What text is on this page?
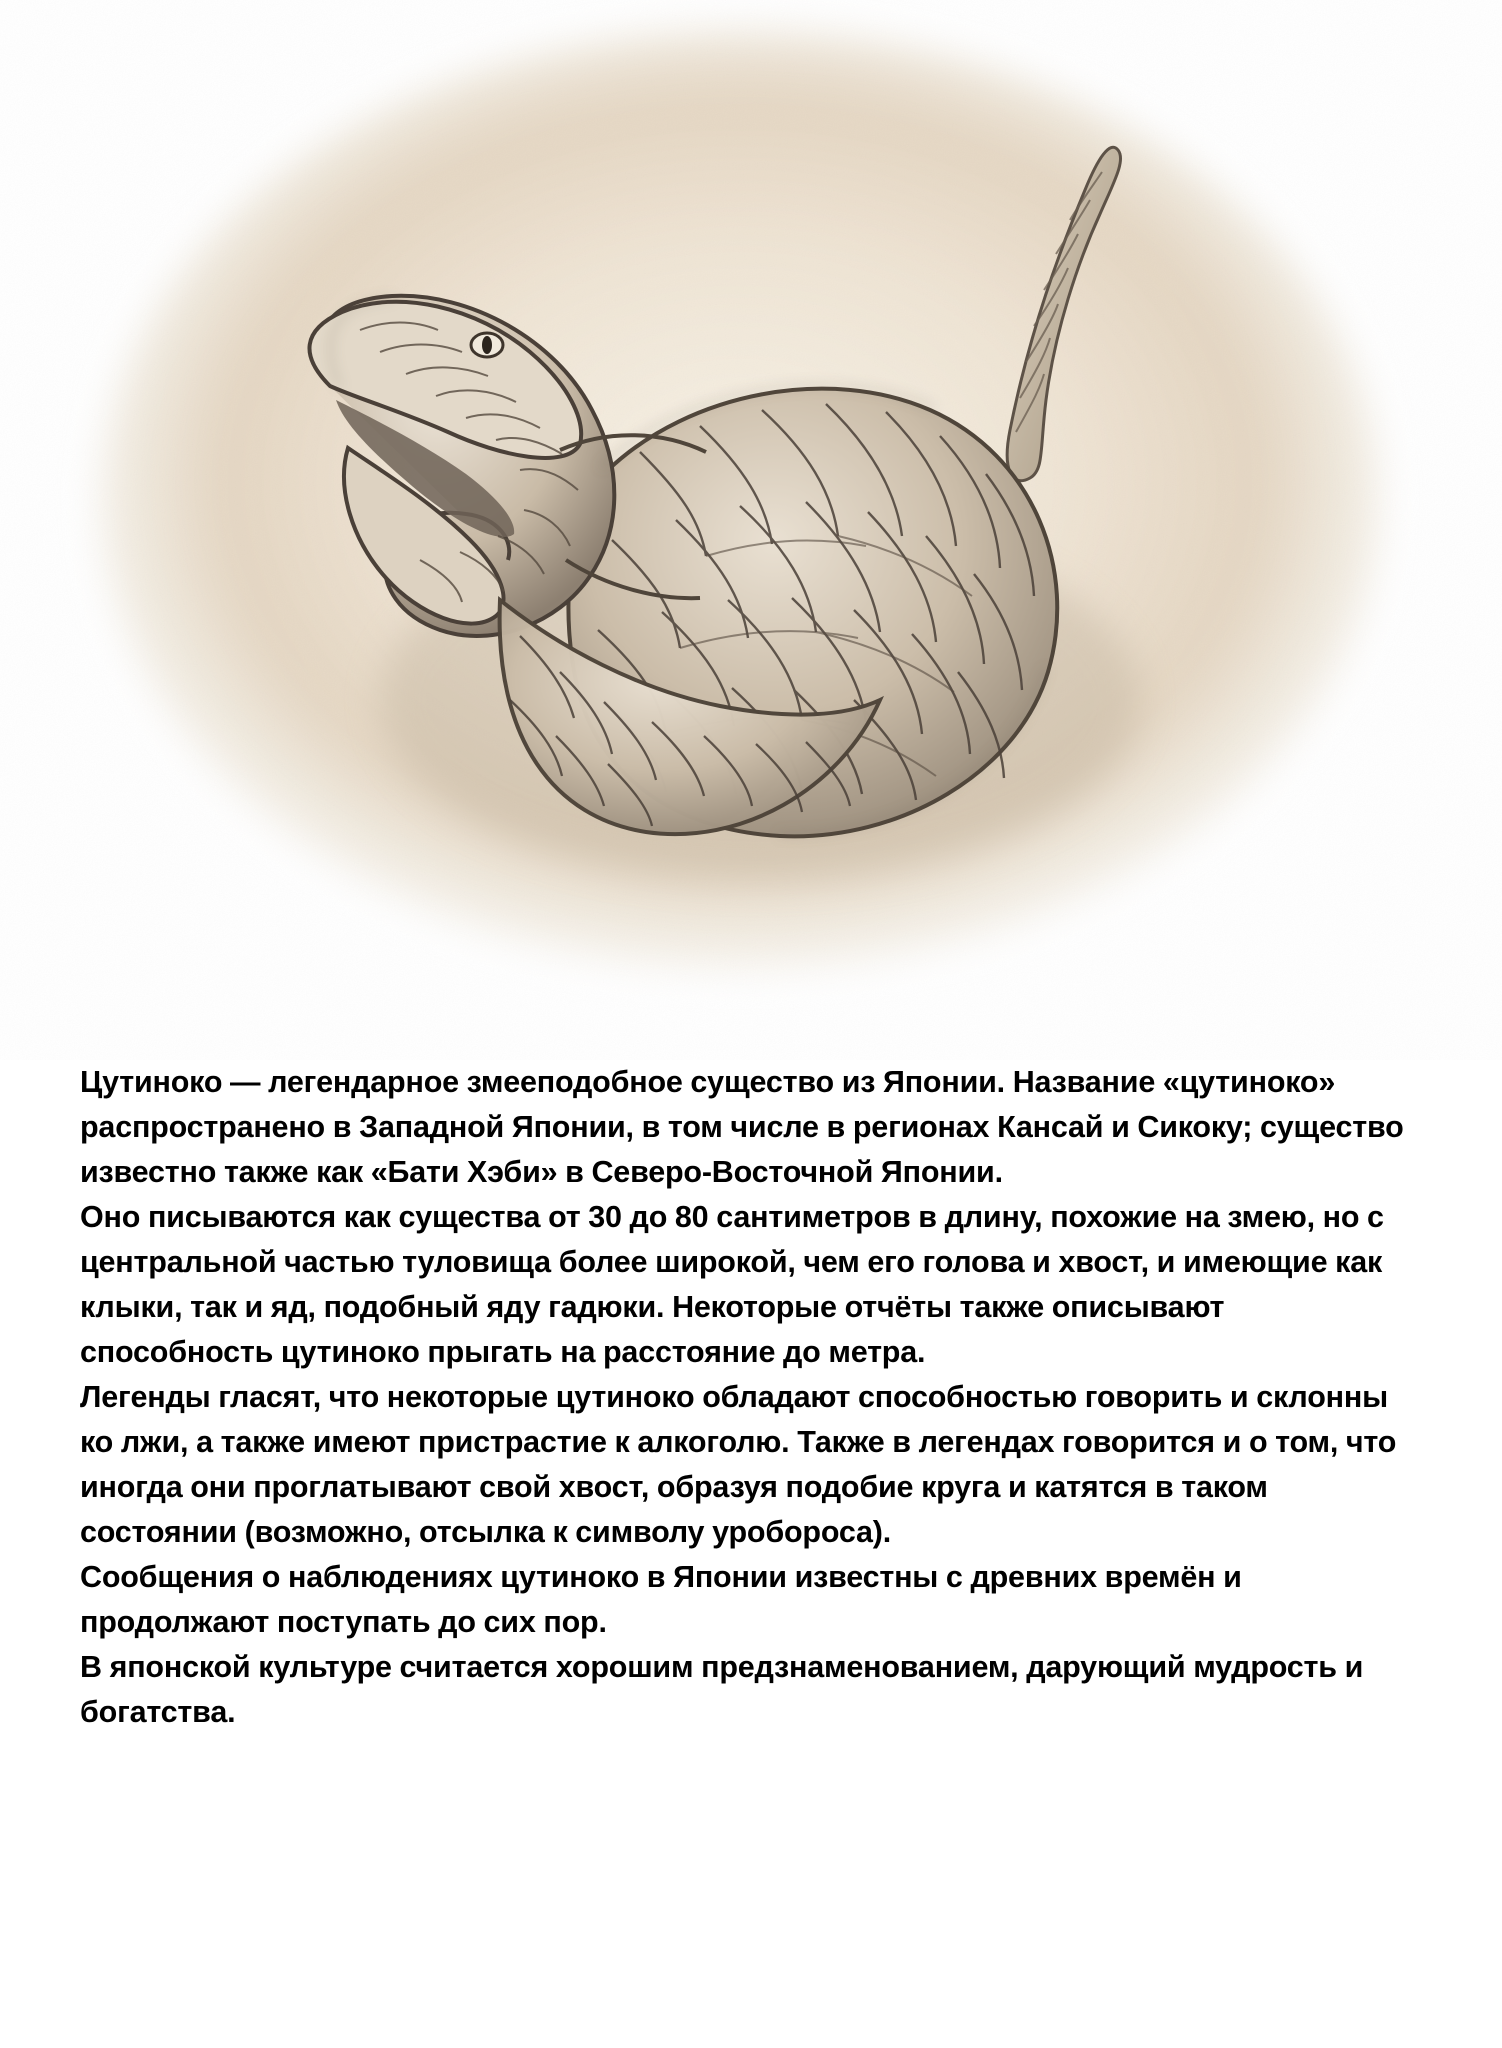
Цутиноко — легендарное змееподобное существо из Японии. Название «цутиноко» распространено в Западной Японии, в том числе в регионах Кансай и Сикоку; существо известно также как «Бати Хэби» в Северо-Восточной Японии.

Оно писываются как существа от 30 до 80 сантиметров в длину, похожие на змею, но с центральной частью туловища более широкой, чем его голова и хвост, и имеющие как клыки, так и яд, подобный яду гадюки. Некоторые отчёты также описывают способность цутиноко прыгать на расстояние до метра.

Легенды гласят, что некоторые цутиноко обладают способностью говорить и склонны ко лжи, а также имеют пристрастие к алкоголю. Также в легендах говорится и о том, что иногда они проглатывают свой хвост, образуя подобие круга и катятся в таком состоянии (возможно, отсылка к символу уробороса).

Сообщения о наблюдениях цутиноко в Японии известны с древних времён и продолжают поступать до сих пор.

В японской культуре считается хорошим предзнаменованием, дарующий мудрость и богатства.
